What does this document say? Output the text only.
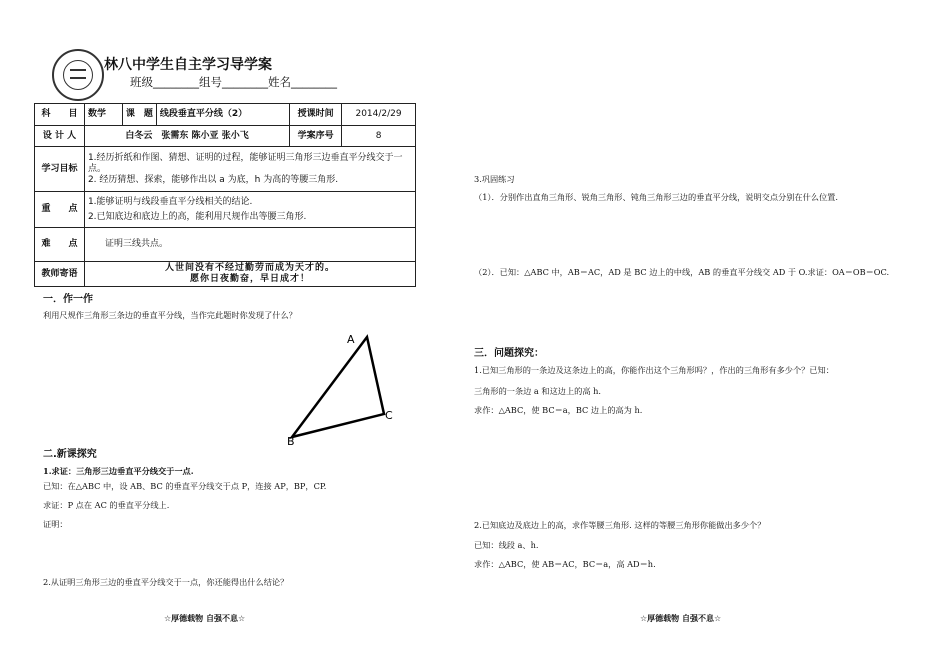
林八中学生自主学习导学案
班级________组号________姓名________
科　　目	数学	课　题	线段垂直平分线（2）	授课时间	2014/2/29
设 计 人	白冬云　张需东 陈小亚 张小飞			学案序号	8
学习目标	1.经历折纸和作图、猜想、证明的过程，能够证明三角形三边垂直平分线交于一点。
2. 经历猜想、探索，能够作出以 a 为底，h 为高的等腰三角形.				

重　　点	1.能够证明与线段垂直平分线相关的结论.
2.已知底边和底边上的高，能利用尺规作出等腰三角形.				

难　　点	证明三线共点。				
教师寄语	人世间没有不经过勤劳而成为天才的。
愿你日夜勤奋，早日成才！				
一．作一作
利用尺规作三角形三条边的垂直平分线，当作完此题时你发现了什么？
A
C
B
二.新课探究
1.求证：三角形三边垂直平分线交于一点.
已知：在△ABC 中，设 AB、BC 的垂直平分线交于点 P，连接 AP，BP，CP.
求证：P 点在 AC 的垂直平分线上.
证明：
2.从证明三角形三边的垂直平分线交于一点，你还能得出什么结论？
☆厚德载物 自强不息☆
3.巩固练习
（1）．分别作出直角三角形、锐角三角形、钝角三角形三边的垂直平分线，说明交点分别在什么位置.
（2）．已知：△ABC 中，AB＝AC，AD 是 BC 边上的中线，AB 的垂直平分线交 AD 于 O.求证：OA＝OB＝OC.
三．问题探究：
1.已知三角形的一条边及这条边上的高，你能作出这个三角形吗？，作出的三角形有多少个？已知：
三角形的一条边 a 和这边上的高 h.
求作：△ABC，使 BC＝a，BC 边上的高为 h.
2.已知底边及底边上的高，求作等腰三角形. 这样的等腰三角形你能做出多少个？
已知：线段 a、h.
求作：△ABC，使 AB＝AC，BC＝a，高 AD＝h.
☆厚德载物 自强不息☆
